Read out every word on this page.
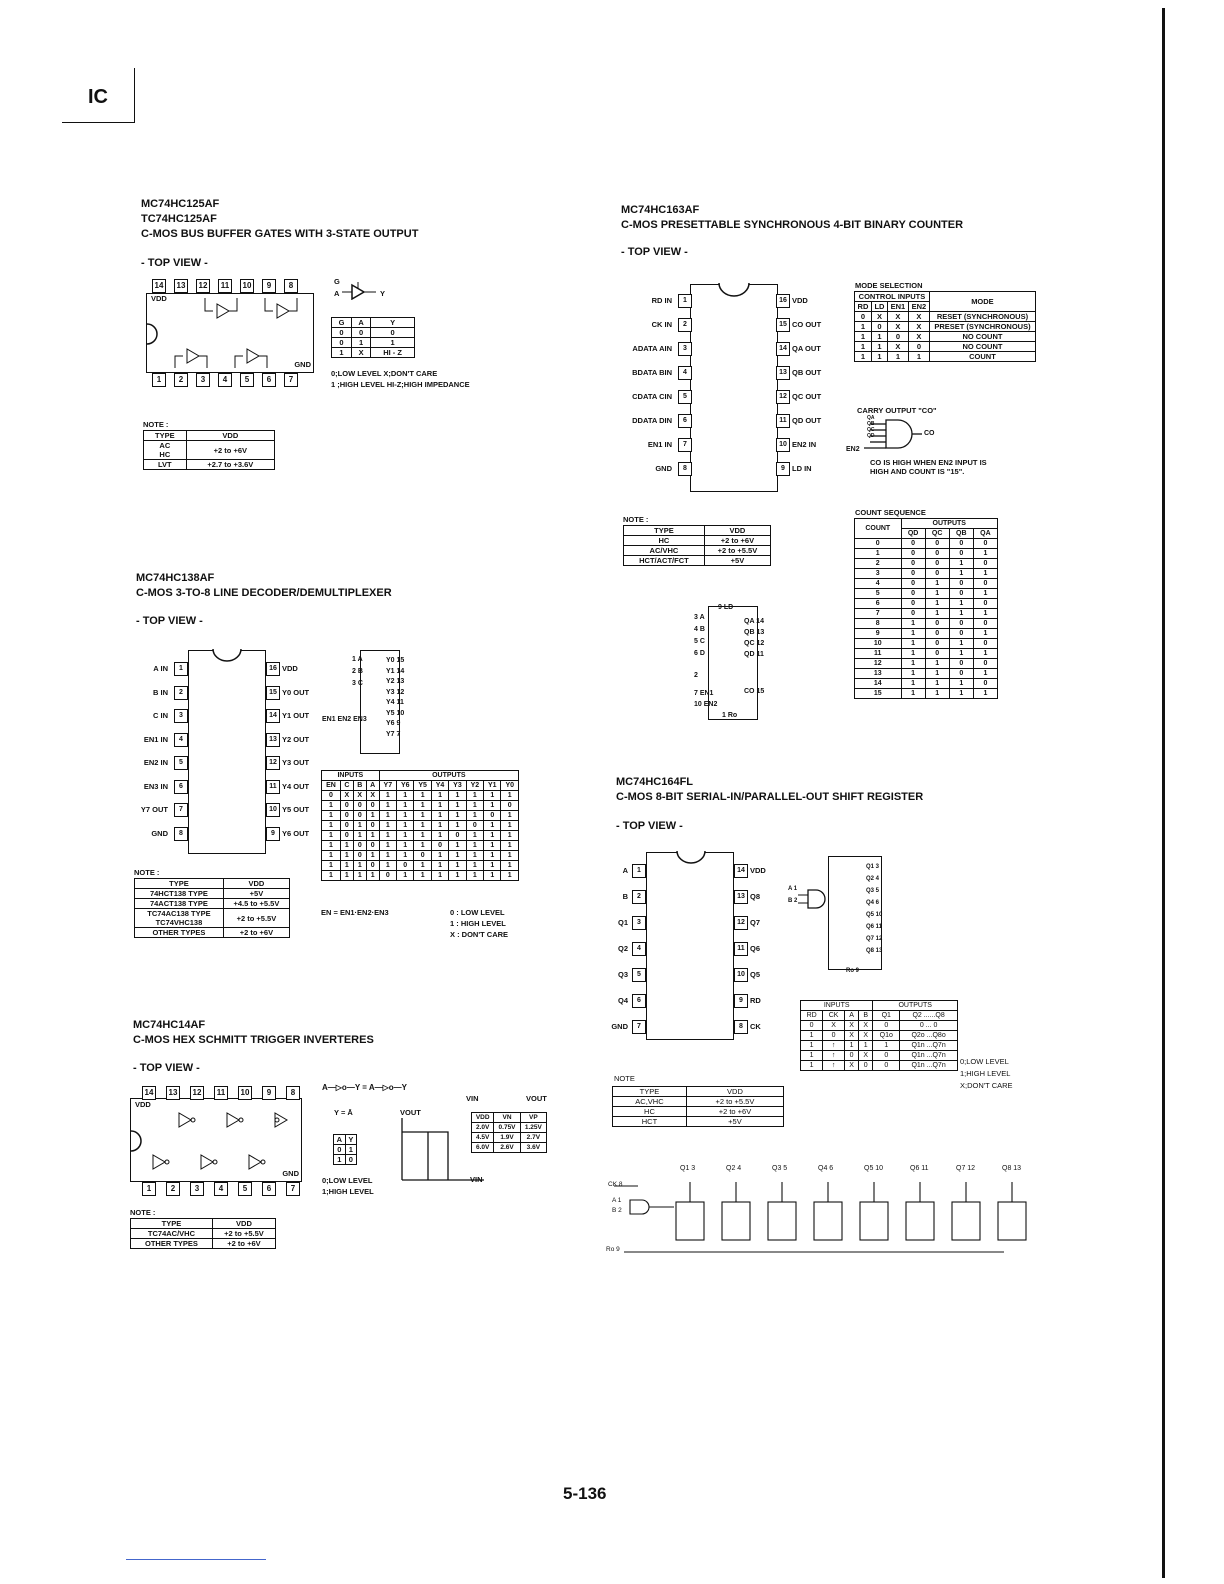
IC
MC74HC125AF
TC74HC125AF
C-MOS BUS BUFFER GATES WITH 3-STATE OUTPUT
- TOP VIEW -
VDD
GND
G
A	Y
G	A	Y
0	0	0
0	1	1
1	X	HI - Z
0;LOW LEVEL X;DON'T CARE
1 ;HIGH LEVEL HI-Z;HIGH IMPEDANCE
NOTE :
TYPE	VDD
AC
HC	+2 to +6V
LVT	+2.7 to +3.6V
MC74HC138AF
C-MOS 3-TO-8 LINE DECODER/DEMULTIPLEXER
- TOP VIEW -
1 A
2 B
3 C
EN1 EN2 EN3
Y0 15
Y1 14
Y2 13
Y3 12
Y4 11
Y5 10
Y6 9
Y7 7
INPUTS				OUTPUTS							
EN	C	B	A	Y7	Y6	Y5	Y4	Y3	Y2	Y1	Y0
0	X	X	X	1	1	1	1	1	1	1	1
1	0	0	0	1	1	1	1	1	1	1	0
1	0	0	1	1	1	1	1	1	1	0	1
1	0	1	0	1	1	1	1	1	0	1	1
1	0	1	1	1	1	1	1	0	1	1	1
1	1	0	0	1	1	1	0	1	1	1	1
1	1	0	1	1	1	0	1	1	1	1	1
1	1	1	0	1	0	1	1	1	1	1	1
1	1	1	1	0	1	1	1	1	1	1	1
EN = EN1·EN2·EN3	0 : LOW LEVEL
1 : HIGH LEVEL
X : DON'T CARE
NOTE :
TYPE	VDD
74HCT138 TYPE	+5V
74ACT138 TYPE	+4.5 to +5.5V
TC74AC138 TYPE
TC74VHC138	+2 to +5.5V
OTHER TYPES	+2 to +6V
MC74HC14AF
C-MOS HEX SCHMITT TRIGGER INVERTERES
- TOP VIEW -
VDD
GND
A—▷o—Y = A—▷o—Y
Y = Ā
A	Y
0	1
1	0
0;LOW LEVEL
1;HIGH LEVEL
VOUT
VIN
VIN	VOUT
VDD	VN	VP
2.0V	0.75V	1.25V
4.5V	1.9V	2.7V
6.0V	2.6V	3.6V
NOTE :
TYPE	VDD
TC74AC/VHC	+2 to +5.5V
OTHER TYPES	+2 to +6V
MC74HC163AF
C-MOS PRESETTABLE SYNCHRONOUS 4-BIT BINARY COUNTER
- TOP VIEW -
MODE SELECTION
CONTROL INPUTS				MODE
RD	LD	EN1	EN2	
0	X	X	X	RESET (SYNCHRONOUS)
1	0	X	X	PRESET (SYNCHRONOUS)
1	1	0	X	NO COUNT
1	1	X	0	NO COUNT
1	1	1	1	COUNT
CARRY OUTPUT "CO"
CO
EN2
QA
QB
QC
QD
CO IS HIGH WHEN EN2 INPUT IS
HIGH AND COUNT IS "15".
NOTE :
TYPE	VDD
HC	+2 to +6V
AC/VHC	+2 to +5.5V
HCT/ACT/FCT	+5V
COUNT SEQUENCE
COUNT	OUTPUTS			
	QD	QC	QB	QA
0	0	0	0	0
1	0	0	0	1
2	0	0	1	0
3	0	0	1	1
4	0	1	0	0
5	0	1	0	1
6	0	1	1	0
7	0	1	1	1
8	1	0	0	0
9	1	0	0	1
10	1	0	1	0
11	1	0	1	1
12	1	1	0	0
13	1	1	0	1
14	1	1	1	0
15	1	1	1	1
9 LD
1 Ro
3 A
4 B
5 C
6 D
2
7 EN1
10 EN2
QA 14
QB 13
QC 12
QD 11
CO 15
MC74HC164FL
C-MOS 8-BIT SERIAL-IN/PARALLEL-OUT SHIFT REGISTER
- TOP VIEW -
A 1
B 2
Ro 9
Q1 3
Q2 4
Q3 5
Q4 6
Q5 10
Q6 11
Q7 12
Q8 13
INPUTS				OUTPUTS	
RD	CK	A	B	Q1	Q2 ......Q8
0	X	X	X	0	0 ... 0
1	0	X	X	Q1o	Q2o ...Q8o
1	↑	1	1	1	Q1n ...Q7n
1	↑	0	X	0	Q1n ...Q7n
1	↑	X	0	0	Q1n ...Q7n 0;LOW LEVEL
1;HIGH LEVEL
X;DON'T CARE
NOTE
TYPE	VDD
AC,VHC	+2 to +5.5V
HC	+2 to +6V
HCT	+5V
5-136
14	13	12	11	10	9	8
1	2	3	4	5	6	7
14	13	12	11	10	9	8
1	2	3	4	5	6	7
1
A IN
2
B IN
3
C IN
4
EN1 IN
5
EN2 IN
6
EN3 IN
7
Y7 OUT
8
GND
16 VDD
15 Y0 OUT
14 Y1 OUT
13 Y2 OUT
12 Y3 OUT
11 Y4 OUT
10 Y5 OUT
9 Y6 OUT
1
RD IN
2
CK IN
3
ADATA AIN
4
BDATA BIN
5
CDATA CIN
6
DDATA DIN
7
EN1 IN
8
GND
16 VDD
15 CO OUT
14 QA OUT
13 QB OUT
12 QC OUT
11 QD OUT
10 EN2 IN
9 LD IN
1
A
2
B
3
Q1
4
Q2
5
Q3
6
Q4
7
GND
14 VDD
13 Q8
12 Q7
11 Q6
10 Q5
9 RD
8 CK
Q1 3	Q2 4	Q3 5	Q4 6	Q5 10	Q6 11	Q7 12	Q8 13
CK 8
A 1
B 2
Ro 9
